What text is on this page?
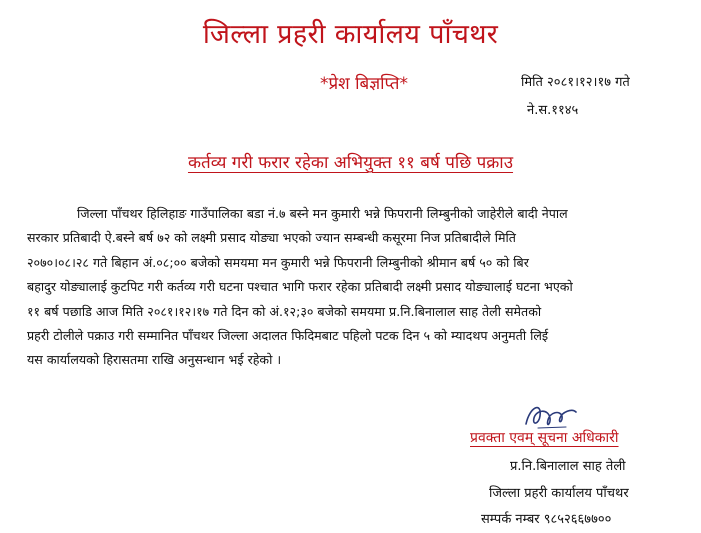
जिल्ला प्रहरी कार्यालय पाँचथर
*प्रेश बिज्ञप्ति*	मिति २०८१।१२।१७ गते
ने.स.११४५
कर्तव्य गरी फरार रहेका अभियुक्त ११ बर्ष पछि पक्राउ
जिल्ला पाँचथर हिलिहाङ गाउँपालिका बडा नं.७ बस्ने मन कुमारी भन्ने फिपरानी लिम्बुनीको जाहेरीले बादी नेपाल
सरकार प्रतिबादी ऐ.बस्ने बर्ष ७२ को लक्ष्मी प्रसाद योङ्या भएको ज्यान सम्बन्धी कसूरमा निज प्रतिबादीले मिति
२०७०।०८।२८ गते बिहान अं.०८;०० बजेको समयमा मन कुमारी भन्ने फिपरानी लिम्बुनीको श्रीमान बर्ष ५० को बिर
बहादुर योङ्यालाई कुटपिट गरी कर्तव्य गरी घटना पश्चात भागि फरार रहेका प्रतिबादी लक्ष्मी प्रसाद योङ्यालाई घटना भएको
११ बर्ष पछाडि आज मिति २०८१।१२।१७ गते दिन को अं.१२;३० बजेको समयमा प्र.नि.बिनालाल साह तेली समेतको
प्रहरी टोलीले पक्राउ गरी सम्मानित पाँचथर जिल्ला अदालत फिदिमबाट पहिलो पटक दिन ५ को म्यादथप अनुमती लिई
यस कार्यालयको हिरासतमा राखि अनुसन्धान भई रहेको ।
प्रवक्ता एवम् सूचना अधिकारी
प्र.नि.बिनालाल साह तेली
जिल्ला प्रहरी कार्यालय पाँचथर
सम्पर्क नम्बर ९८५२६६७७००
